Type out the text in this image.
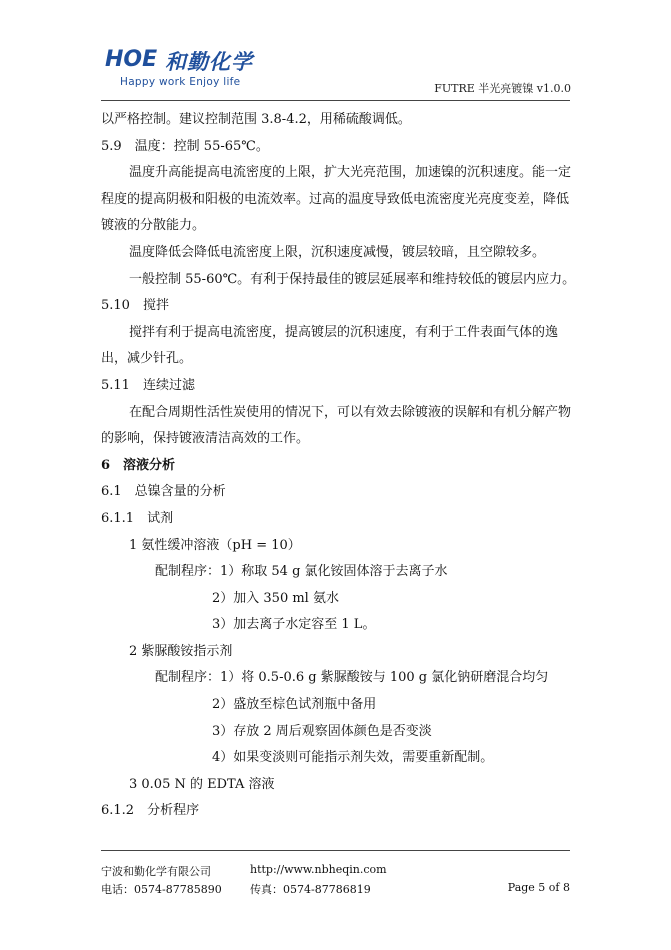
HOE 和勤化学
Happy work Enjoy life	FUTRE 半光亮镀镍 v1.0.0

以严格控制。建议控制范围 3.8-4.2，用稀硫酸调低。

5.9　温度：控制 55-65℃。

温度升高能提高电流密度的上限，扩大光亮范围，加速镍的沉积速度。能一定程度的提高阴极和阳极的电流效率。过高的温度导致低电流密度光亮度变差，降低镀液的分散能力。

温度降低会降低电流密度上限，沉积速度减慢，镀层较暗，且空隙较多。

一般控制 55-60℃。有利于保持最佳的镀层延展率和维持较低的镀层内应力。

5.10　搅拌

搅拌有利于提高电流密度，提高镀层的沉积速度，有利于工件表面气体的逸出，减少针孔。

5.11　连续过滤

在配合周期性活性炭使用的情况下，可以有效去除镀液的误解和有机分解产物的影响，保持镀液清洁高效的工作。

6　溶液分析

6.1　总镍含量的分析

6.1.1　试剂

1 氨性缓冲溶液（pH = 10）

配制程序：1）称取 54 g 氯化铵固体溶于去离子水

2）加入 350 ml 氨水

3）加去离子水定容至 1 L。

2 紫脲酸铵指示剂

配制程序：1）将 0.5-0.6 g 紫脲酸铵与 100 g 氯化钠研磨混合均匀

2）盛放至棕色试剂瓶中备用

3）存放 2 周后观察固体颜色是否变淡

4）如果变淡则可能指示剂失效，需要重新配制。

3 0.05 N 的 EDTA 溶液

6.1.2　分析程序

宁波和勤化学有限公司	http://www.nbheqin.com
电话：0574-87785890	传真：0574-87786819	Page 5 of 8
